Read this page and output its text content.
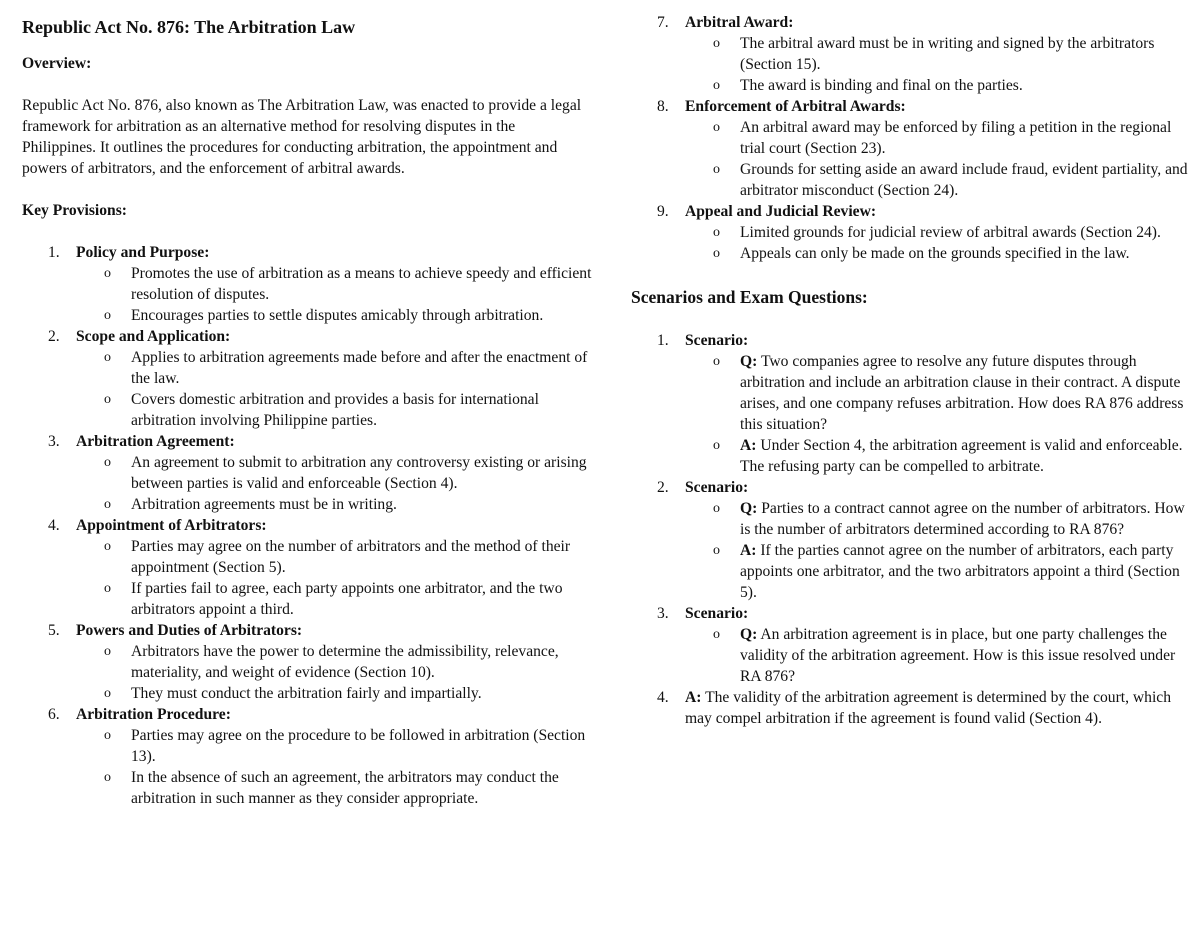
Republic Act No. 876: The Arbitration Law
Overview:

Republic Act No. 876, also known as The Arbitration Law, was enacted to provide a legal framework for arbitration as an alternative method for resolving disputes in the Philippines. It outlines the procedures for conducting arbitration, the appointment and powers of arbitrators, and the enforcement of arbitral awards.

Key Provisions:
1. Policy and Purpose:
o Promotes the use of arbitration as a means to achieve speedy and efficient resolution of disputes.
o Encourages parties to settle disputes amicably through arbitration.
2. Scope and Application:
o Applies to arbitration agreements made before and after the enactment of the law.
o Covers domestic arbitration and provides a basis for international arbitration involving Philippine parties.
3. Arbitration Agreement:
o An agreement to submit to arbitration any controversy existing or arising between parties is valid and enforceable (Section 4).
o Arbitration agreements must be in writing.
4. Appointment of Arbitrators:
o Parties may agree on the number of arbitrators and the method of their appointment (Section 5).
o If parties fail to agree, each party appoints one arbitrator, and the two arbitrators appoint a third.
5. Powers and Duties of Arbitrators:
o Arbitrators have the power to determine the admissibility, relevance, materiality, and weight of evidence (Section 10).
o They must conduct the arbitration fairly and impartially.
6. Arbitration Procedure:
o Parties may agree on the procedure to be followed in arbitration (Section 13).
o In the absence of such an agreement, the arbitrators may conduct the arbitration in such manner as they consider appropriate.
7. Arbitral Award:
o The arbitral award must be in writing and signed by the arbitrators (Section 15).
o The award is binding and final on the parties.
8. Enforcement of Arbitral Awards:
o An arbitral award may be enforced by filing a petition in the regional trial court (Section 23).
o Grounds for setting aside an award include fraud, evident partiality, and arbitrator misconduct (Section 24).
9. Appeal and Judicial Review:
o Limited grounds for judicial review of arbitral awards (Section 24).
o Appeals can only be made on the grounds specified in the law.
Scenarios and Exam Questions:
1. Scenario:
o Q: Two companies agree to resolve any future disputes through arbitration and include an arbitration clause in their contract. A dispute arises, and one company refuses arbitration. How does RA 876 address this situation?
o A: Under Section 4, the arbitration agreement is valid and enforceable. The refusing party can be compelled to arbitrate.
2. Scenario:
o Q: Parties to a contract cannot agree on the number of arbitrators. How is the number of arbitrators determined according to RA 876?
o A: If the parties cannot agree on the number of arbitrators, each party appoints one arbitrator, and the two arbitrators appoint a third (Section 5).
3. Scenario:
o Q: An arbitration agreement is in place, but one party challenges the validity of the arbitration agreement. How is this issue resolved under RA 876?
4. A: The validity of the arbitration agreement is determined by the court, which may compel arbitration if the agreement is found valid (Section 4).
